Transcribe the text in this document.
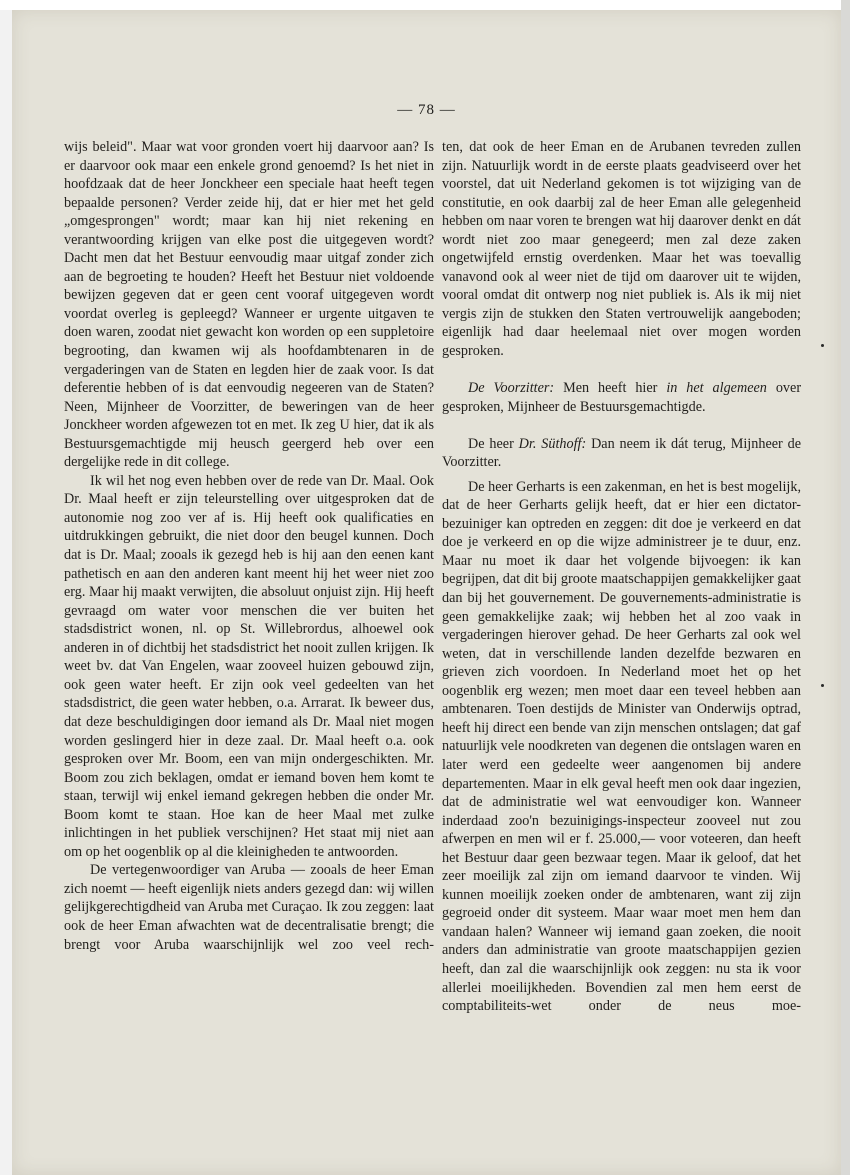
— 78 —

wijs beleid". Maar wat voor gronden voert hij daarvoor aan? Is er daarvoor ook maar een enkele grond genoemd? Is het niet in hoofdzaak dat de heer Jonckheer een speciale haat heeft tegen bepaalde personen? Verder zeide hij, dat er hier met het geld „omgesprongen" wordt; maar kan hij niet rekening en verantwoording krijgen van elke post die uitgegeven wordt? Dacht men dat het Bestuur eenvoudig maar uitgaf zonder zich aan de begroeting te houden? Heeft het Bestuur niet voldoende bewijzen gegeven dat er geen cent vooraf uitgegeven wordt voordat overleg is gepleegd? Wanneer er urgente uitgaven te doen waren, zoodat niet gewacht kon worden op een suppletoire begrooting, dan kwamen wij als hoofdambtenaren in de vergaderingen van de Staten en legden hier de zaak voor. Is dat deferentie hebben of is dat eenvoudig negeeren van de Staten? Neen, Mijnheer de Voorzitter, de beweringen van de heer Jonckheer worden afgewezen tot en met. Ik zeg U hier, dat ik als Bestuursgemachtigde mij heusch geergerd heb over een dergelijke rede in dit college.

Ik wil het nog even hebben over de rede van Dr. Maal. Ook Dr. Maal heeft er zijn teleurstelling over uitgesproken dat de autonomie nog zoo ver af is. Hij heeft ook qualificaties en uitdrukkingen gebruikt, die niet door den beugel kunnen. Doch dat is Dr. Maal; zooals ik gezegd heb is hij aan den eenen kant pathetisch en aan den anderen kant meent hij het weer niet zoo erg. Maar hij maakt verwijten, die absoluut onjuist zijn. Hij heeft gevraagd om water voor menschen die ver buiten het stadsdistrict wonen, nl. op St. Willebrordus, alhoewel ook anderen in of dichtbij het stadsdistrict het nooit zullen krijgen. Ik weet bv. dat Van Engelen, waar zooveel huizen gebouwd zijn, ook geen water heeft. Er zijn ook veel gedeelten van het stadsdistrict, die geen water hebben, o.a. Arrarat. Ik beweer dus, dat deze beschuldigingen door iemand als Dr. Maal niet mogen worden geslingerd hier in deze zaal. Dr. Maal heeft o.a. ook gesproken over Mr. Boom, een van mijn ondergeschikten. Mr. Boom zou zich beklagen, omdat er iemand boven hem komt te staan, terwijl wij enkel iemand gekregen hebben die onder Mr. Boom komt te staan. Hoe kan de heer Maal met zulke inlichtingen in het publiek verschijnen? Het staat mij niet aan om op het oogenblik op al die kleinigheden te antwoorden.

De vertegenwoordiger van Aruba — zooals de heer Eman zich noemt — heeft eigenlijk niets anders gezegd dan: wij willen gelijkgerechtigdheid van Aruba met Curaçao. Ik zou zeggen: laat ook de heer Eman afwachten wat de decentralisatie brengt; die brengt voor Aruba waarschijnlijk wel zoo veel rech-

ten, dat ook de heer Eman en de Arubanen tevreden zullen zijn. Natuurlijk wordt in de eerste plaats geadviseerd over het voorstel, dat uit Nederland gekomen is tot wijziging van de constitutie, en ook daarbij zal de heer Eman alle gelegenheid hebben om naar voren te brengen wat hij daarover denkt en dát wordt niet zoo maar genegeerd; men zal deze zaken ongetwijfeld ernstig overdenken. Maar het was toevallig vanavond ook al weer niet de tijd om daarover uit te wijden, vooral omdat dit ontwerp nog niet publiek is. Als ik mij niet vergis zijn de stukken den Staten vertrouwelijk aangeboden; eigenlijk had daar heelemaal niet over mogen worden gesproken.

De Voorzitter: Men heeft hier in het algemeen over gesproken, Mijnheer de Bestuursgemachtigde.

De heer Dr. Süthoff: Dan neem ik dát terug, Mijnheer de Voorzitter.

De heer Gerharts is een zakenman, en het is best mogelijk, dat de heer Gerharts gelijk heeft, dat er hier een dictator-bezuiniger kan optreden en zeggen: dit doe je verkeerd en dat doe je verkeerd en op die wijze administreer je te duur, enz. Maar nu moet ik daar het volgende bijvoegen: ik kan begrijpen, dat dit bij groote maatschappijen gemakkelijker gaat dan bij het gouvernement. De gouvernements-administratie is geen gemakkelijke zaak; wij hebben het al zoo vaak in vergaderingen hierover gehad. De heer Gerharts zal ook wel weten, dat in verschillende landen dezelfde bezwaren en grieven zich voordoen. In Nederland moet het op het oogenblik erg wezen; men moet daar een teveel hebben aan ambtenaren. Toen destijds de Minister van Onderwijs optrad, heeft hij direct een bende van zijn menschen ontslagen; dat gaf natuurlijk vele noodkreten van degenen die ontslagen waren en later werd een gedeelte weer aangenomen bij andere departementen. Maar in elk geval heeft men ook daar ingezien, dat de administratie wel wat eenvoudiger kon. Wanneer inderdaad zoo'n bezuinigings-inspecteur zooveel nut zou afwerpen en men wil er f. 25.000,— voor voteeren, dan heeft het Bestuur daar geen bezwaar tegen. Maar ik geloof, dat het zeer moeilijk zal zijn om iemand daarvoor te vinden. Wij kunnen moeilijk zoeken onder de ambtenaren, want zij zijn gegroeid onder dit systeem. Maar waar moet men hem dan vandaan halen? Wanneer wij iemand gaan zoeken, die nooit anders dan administratie van groote maatschappijen gezien heeft, dan zal die waarschijnlijk ook zeggen: nu sta ik voor allerlei moeilijkheden. Bovendien zal men hem eerst de comptabiliteits-wet onder de neus moe-
